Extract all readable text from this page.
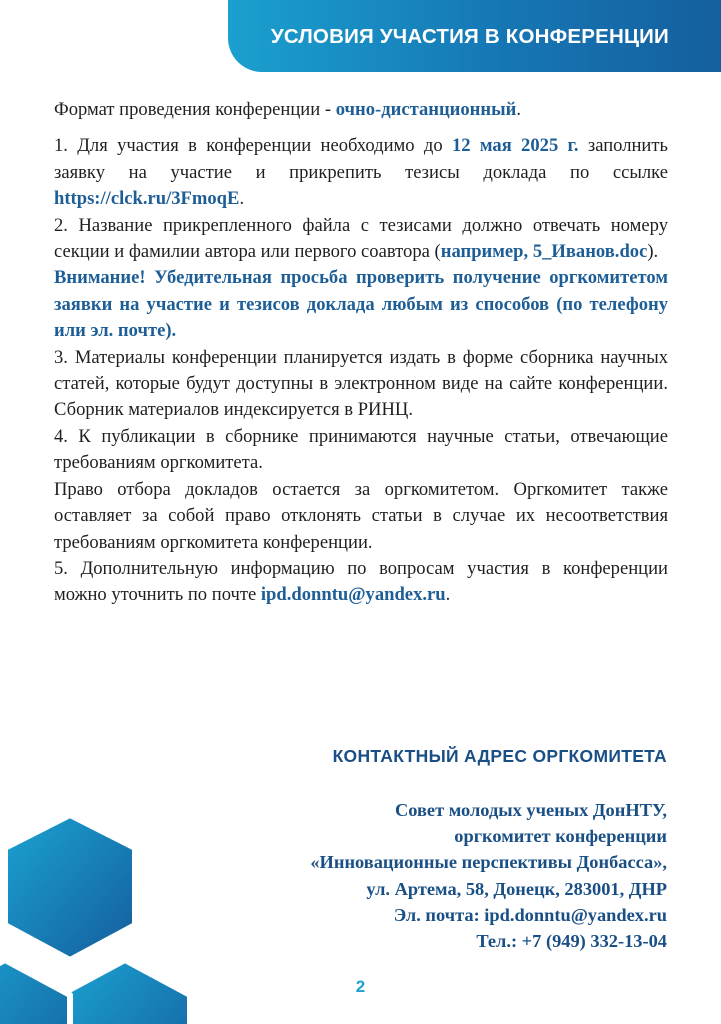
УСЛОВИЯ УЧАСТИЯ В КОНФЕРЕНЦИИ

Формат проведения конференции - очно-дистанционный.

1. Для участия в конференции необходимо до 12 мая 2025 г. заполнить заявку на участие и прикрепить тезисы доклада по ссылке https://clck.ru/3FmoqE.

2. Название прикрепленного файла с тезисами должно отвечать номеру секции и фамилии автора или первого соавтора (например, 5_Иванов.doc).

Внимание! Убедительная просьба проверить получение оргкомитетом заявки на участие и тезисов доклада любым из способов (по телефону или эл. почте).

3. Материалы конференции планируется издать в форме сборника научных статей, которые будут доступны в электронном виде на сайте конференции. Сборник материалов индексируется в РИНЦ.

4. К публикации в сборнике принимаются научные статьи, отвечающие требованиям оргкомитета.

Право отбора докладов остается за оргкомитетом. Оргкомитет также оставляет за собой право отклонять статьи в случае их несоответствия требованиям оргкомитета конференции.

5. Дополнительную информацию по вопросам участия в конференции можно уточнить по почте ipd.donntu@yandex.ru.

КОНТАКТНЫЙ АДРЕС ОРГКОМИТЕТА
Совет молодых ученых ДонНТУ,
оргкомитет конференции
«Инновационные перспективы Донбасса»,
ул. Артема, 58, Донецк, 283001, ДНР
Эл. почта: ipd.donntu@yandex.ru
Тел.: +7 (949) 332-13-04
2
